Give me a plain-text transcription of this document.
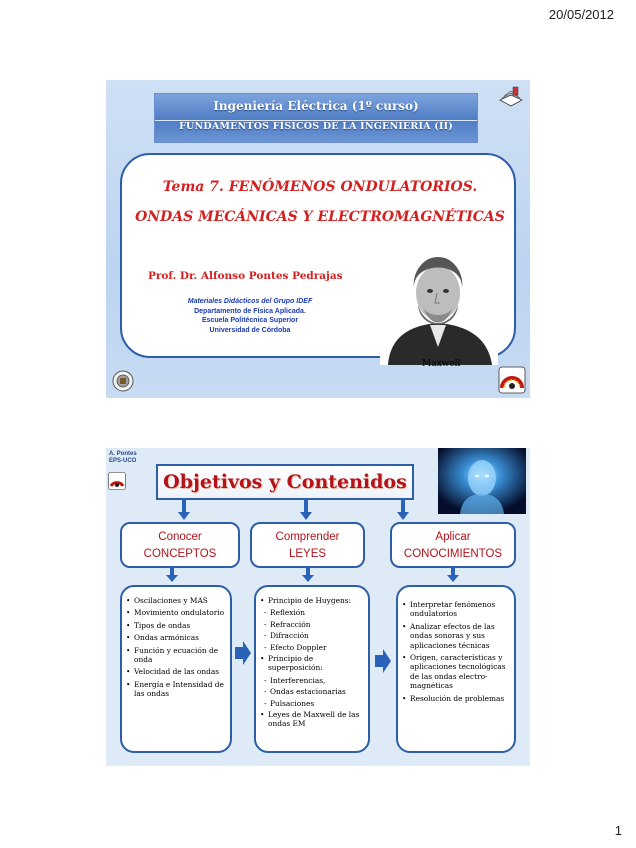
20/05/2012
Ingeniería Eléctrica (1º curso)
FUNDAMENTOS FÍSICOS DE LA INGENIERÍA (II)
Tema 7. FENÓMENOS ONDULATORIOS.
ONDAS MECÁNICAS Y ELECTROMAGNÉTICAS
Prof. Dr. Alfonso Pontes Pedrajas
Materiales Didácticos del Grupo IDEF
Departamento de Física Aplicada.
Escuela Politécnica Superior
Universidad de Córdoba
Maxwell
A. Pontes
EPS-UCO
Objetivos y Contenidos
Conocer
CONCEPTOS
Comprender
LEYES
Aplicar
CONOCIMIENTOS
• Oscilaciones y MAS
• Movimiento ondulatorio
• Tipos de ondas
• Ondas armónicas
• Función y ecuación de onda
• Velocidad de las ondas
• Energía e Intensidad de las ondas
• Principio de Huygens:
- Reflexión
- Refracción
- Difracción
- Efecto Doppler
• Principio de superposición:
- Interferencias,
- Ondas estacionarias
- Pulsaciones
• Leyes de Maxwell de las ondas EM
• Interpretar fenómenos ondulatorios
• Analizar efectos de las ondas sonoras y sus aplicaciones técnicas
• Origen, características y aplicaciones tecnológicas de las ondas electro-magnéticas
• Resolución de problemas
1
